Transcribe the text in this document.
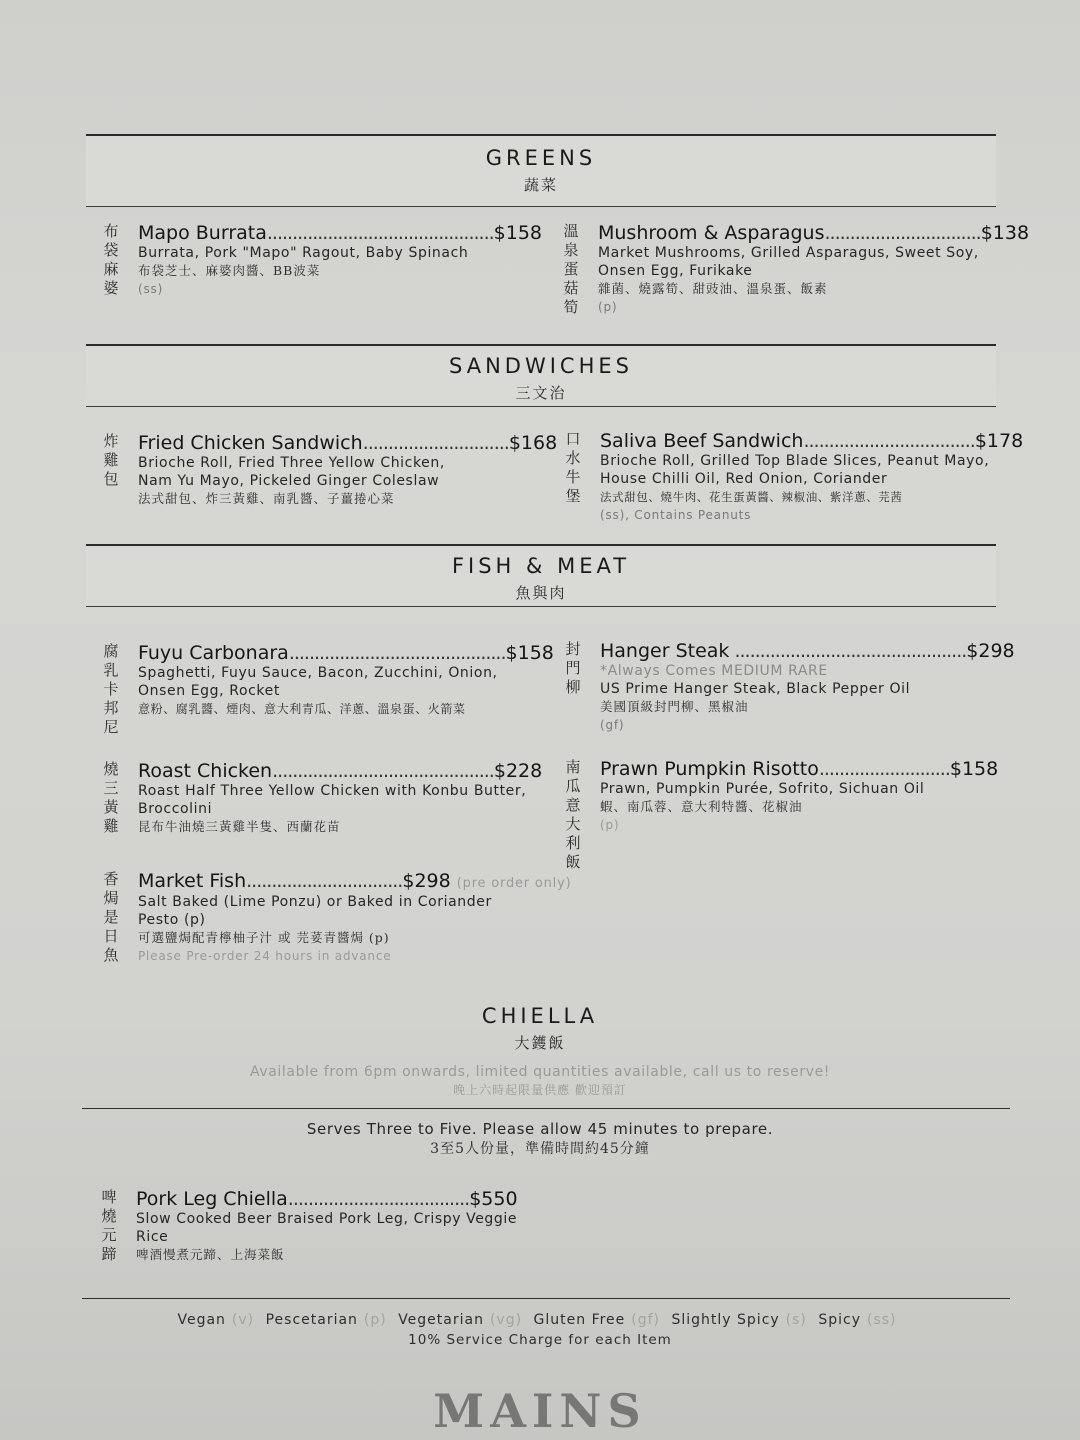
GREENS
蔬菜
布
袋
麻
婆
Mapo Burrata.............................................$158
Burrata, Pork "Mapo" Ragout, Baby Spinach
布袋芝士、麻婆肉醬、BB波菜
(ss)
溫
泉
蛋
菇
筍
Mushroom & Asparagus...............................$138
Market Mushrooms, Grilled Asparagus, Sweet Soy,
Onsen Egg, Furikake
雜菌、燒露筍、甜豉油、溫泉蛋、飯素
(p)
SANDWICHES
三文治
炸
雞
包
Fried Chicken Sandwich.............................$168
Brioche Roll, Fried Three Yellow Chicken,
Nam Yu Mayo, Pickeled Ginger Coleslaw
法式甜包、炸三黃雞、南乳醬、子薑捲心菜
口
水
牛
堡
Saliva Beef Sandwich..................................$178
Brioche Roll, Grilled Top Blade Slices, Peanut Mayo,
House Chilli Oil, Red Onion, Coriander
法式甜包、燒牛肉、花生蛋黃醬、辣椒油、紫洋蔥、芫茜
(ss), Contains Peanuts
FISH & MEAT
魚與肉
腐
乳
卡
邦
尼
Fuyu Carbonara...........................................$158
Spaghetti, Fuyu Sauce, Bacon, Zucchini, Onion,
Onsen Egg, Rocket
意粉、腐乳醬、煙肉、意大利青瓜、洋蔥、溫泉蛋、火箭菜
封
門
柳
Hanger Steak ..............................................$298
*Always Comes MEDIUM RARE
US Prime Hanger Steak, Black Pepper Oil
美國頂級封門柳、黑椒油
(gf)
燒
三
黃
雞
Roast Chicken............................................$228
Roast Half Three Yellow Chicken with Konbu Butter,
Broccolini
昆布牛油燒三黃雞半隻、西蘭花苗
南
瓜
意
大
利
飯
Prawn Pumpkin Risotto..........................$158
Prawn, Pumpkin Purée, Sofrito, Sichuan Oil
蝦、南瓜蓉、意大利特醬、花椒油
(p)
香
焗
是
日
魚
Market Fish...............................$298 (pre order only)
Salt Baked (Lime Ponzu) or Baked in Coriander
Pesto (p)
可選鹽焗配青檸柚子汁 或 芫荽青醬焗 (p)
Please Pre-order 24 hours in advance
CHIELLA
大鑊飯
Available from 6pm onwards, limited quantities available, call us to reserve!
晚上六時起限量供應 歡迎預訂
Serves Three to Five. Please allow 45 minutes to prepare.
3至5人份量，準備時間約45分鐘
啤
燒
元
蹄
Pork Leg Chiella....................................$550
Slow Cooked Beer Braised Pork Leg, Crispy Veggie
Rice
啤酒慢煮元蹄、上海菜飯
Vegan (v) Pescetarian (p) Vegetarian (vg) Gluten Free (gf) Slightly Spicy (s) Spicy (ss)
10% Service Charge for each Item
MAINS
